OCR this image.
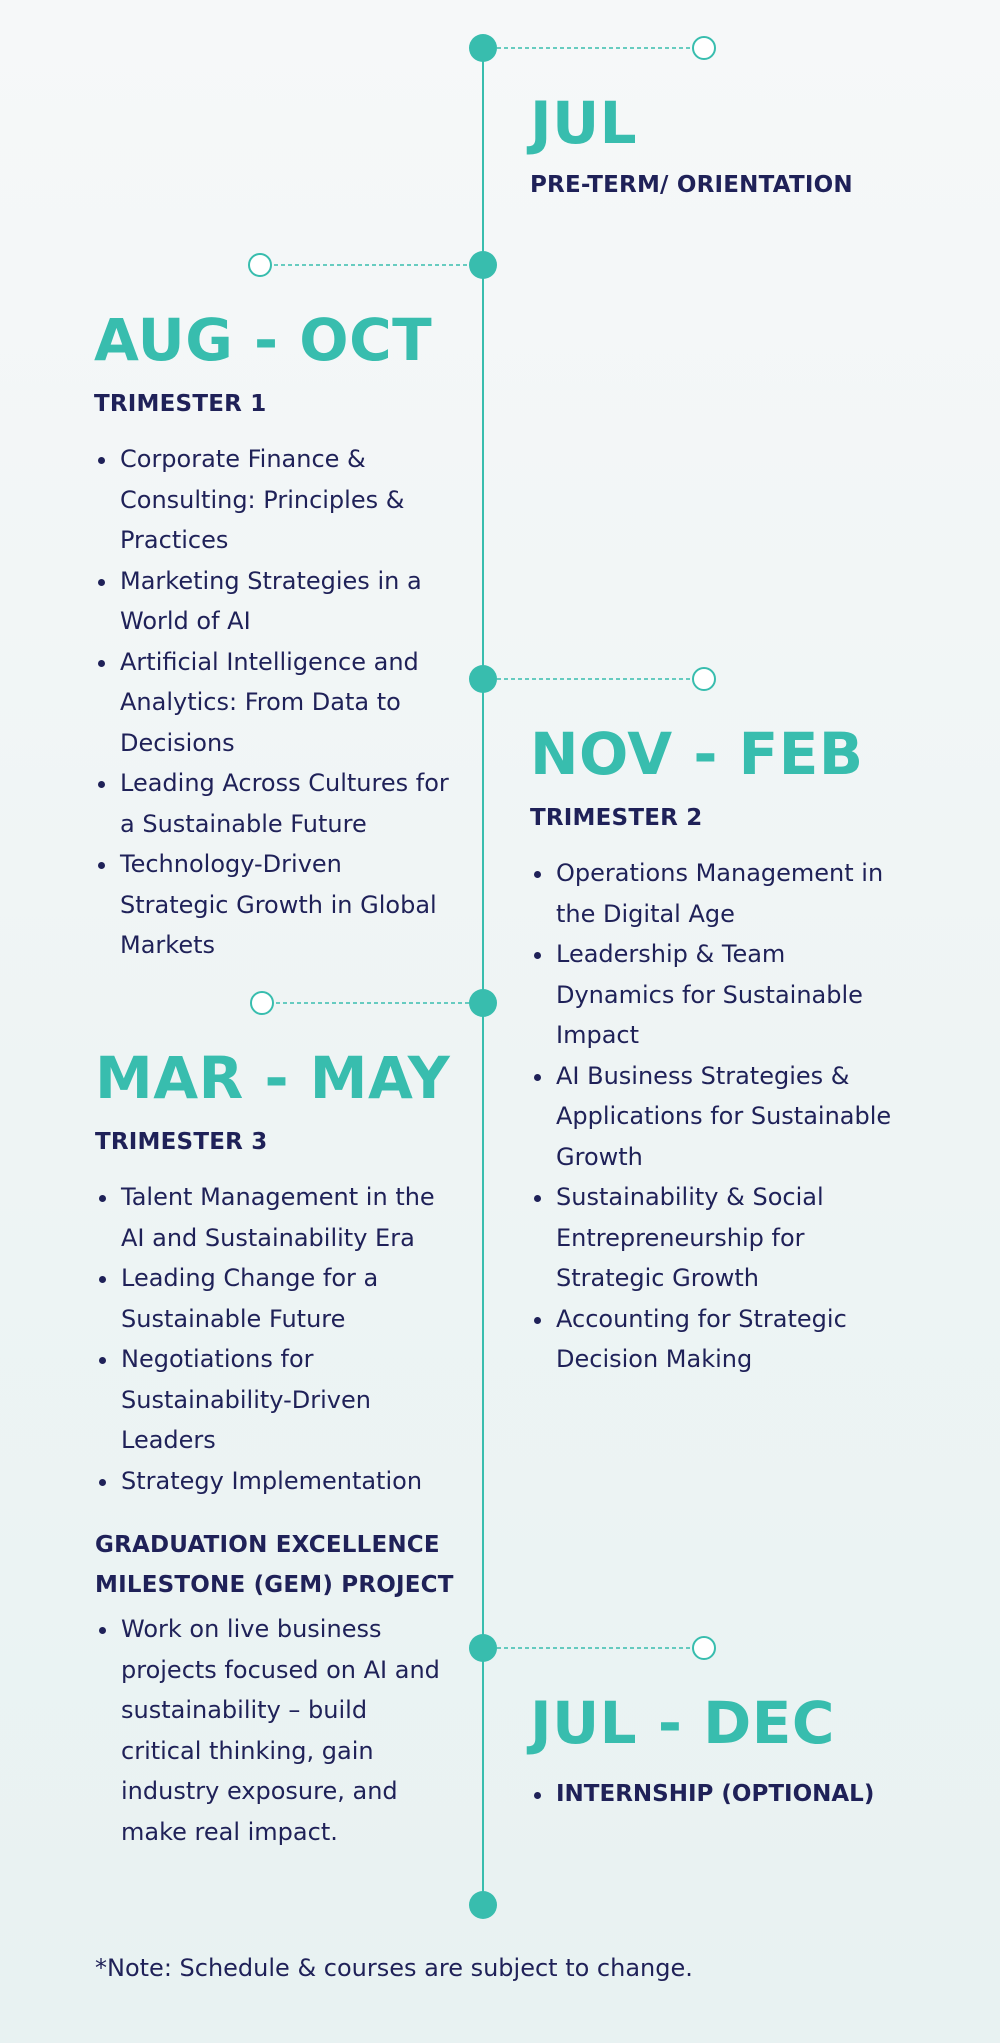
JUL
PRE-TERM/ ORIENTATION
AUG - OCT
TRIMESTER 1
Corporate Finance & Consulting: Principles & Practices
Marketing Strategies in a World of AI
Artificial Intelligence and Analytics: From Data to Decisions
Leading Across Cultures for a Sustainable Future
Technology-Driven Strategic Growth in Global Markets
NOV - FEB
TRIMESTER 2
Operations Management in the Digital Age
Leadership & Team Dynamics for Sustainable Impact
AI Business Strategies & Applications for Sustainable Growth
Sustainability & Social Entrepreneurship for Strategic Growth
Accounting for Strategic Decision Making
MAR - MAY
TRIMESTER 3
Talent Management in the AI and Sustainability Era
Leading Change for a Sustainable Future
Negotiations for Sustainability-Driven Leaders
Strategy Implementation
GRADUATION EXCELLENCE MILESTONE (GEM) PROJECT
Work on live business projects focused on AI and sustainability – build critical thinking, gain industry exposure, and make real impact.
JUL - DEC
INTERNSHIP (OPTIONAL)
*Note: Schedule & courses are subject to change.
